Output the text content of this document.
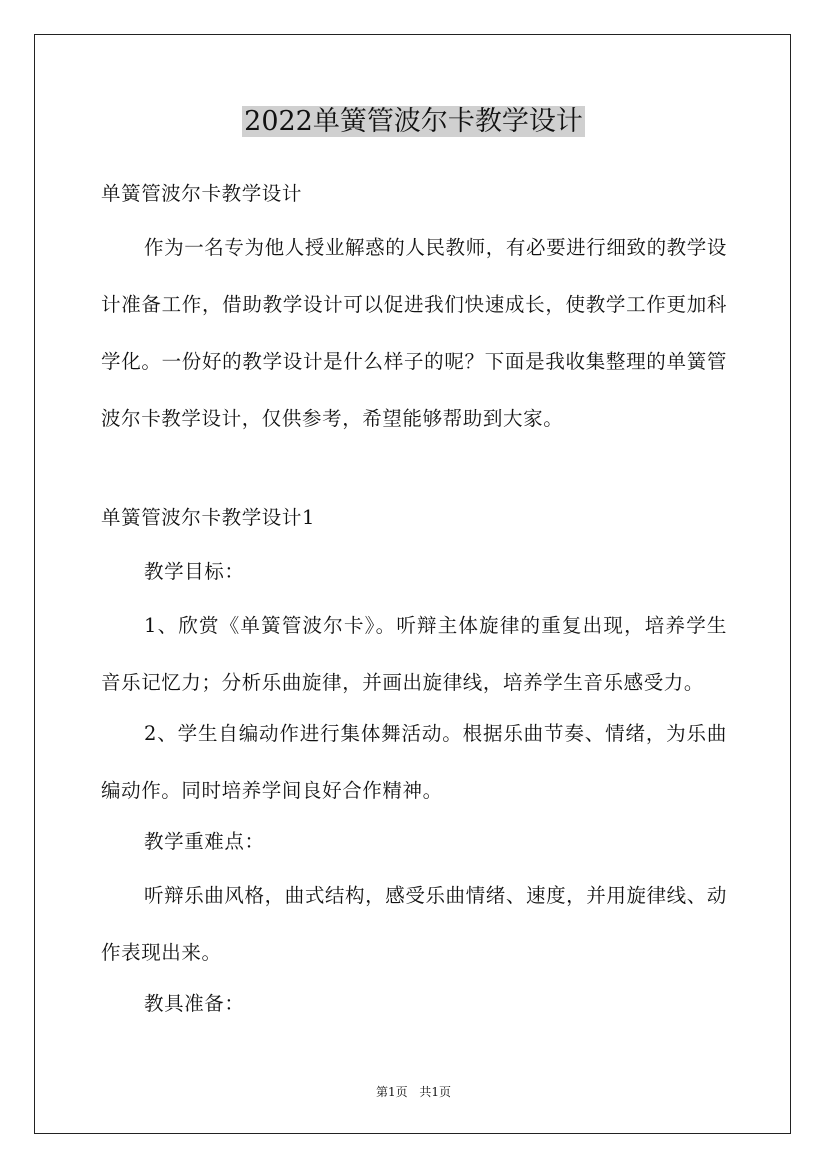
2022单簧管波尔卡教学设计

单簧管波尔卡教学设计

作为一名专为他人授业解惑的人民教师，有必要进行细致的教学设计准备工作，借助教学设计可以促进我们快速成长，使教学工作更加科学化。一份好的教学设计是什么样子的呢？下面是我收集整理的单簧管波尔卡教学设计，仅供参考，希望能够帮助到大家。

单簧管波尔卡教学设计1

教学目标：

1、欣赏《单簧管波尔卡》。听辩主体旋律的重复出现，培养学生音乐记忆力；分析乐曲旋律，并画出旋律线，培养学生音乐感受力。

2、学生自编动作进行集体舞活动。根据乐曲节奏、情绪，为乐曲编动作。同时培养学间良好合作精神。

教学重难点：

听辩乐曲风格，曲式结构，感受乐曲情绪、速度，并用旋律线、动作表现出来。

教具准备：

第1页 共1页
